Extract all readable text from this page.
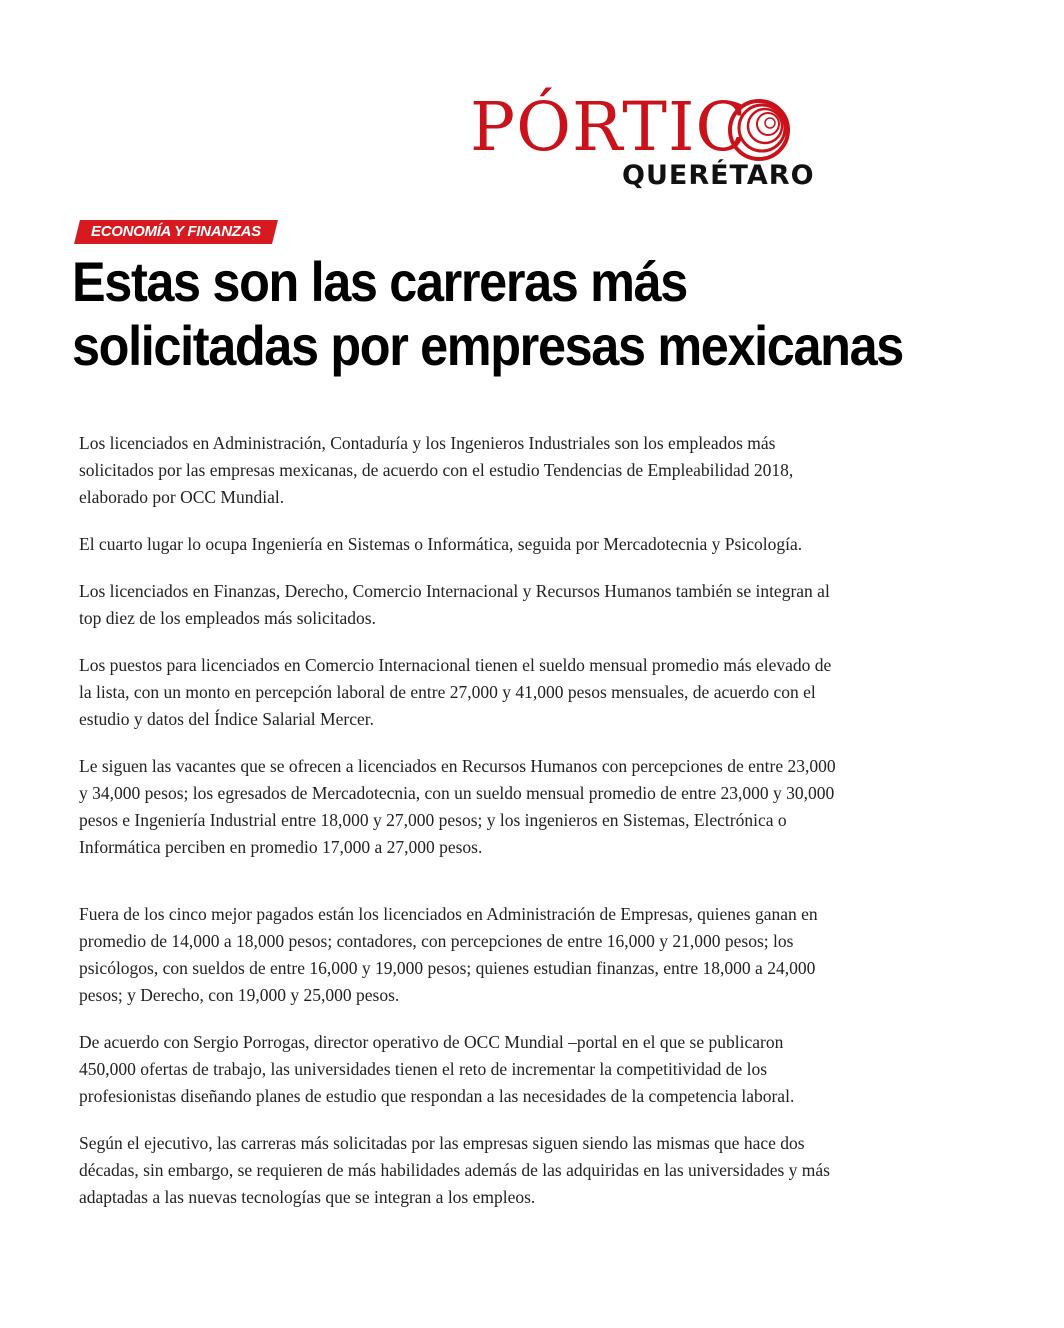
PÓRTIC
QUERÉTARO
ECONOMÍA Y FINANZAS
Estas son las carreras más solicitadas por empresas mexicanas

Los licenciados en Administración, Contaduría y los Ingenieros Industriales son los empleados más solicitados por las empresas mexicanas, de acuerdo con el estudio Tendencias de Empleabilidad 2018, elaborado por OCC Mundial.

El cuarto lugar lo ocupa Ingeniería en Sistemas o Informática, seguida por Mercadotecnia y Psicología.

Los licenciados en Finanzas, Derecho, Comercio Internacional y Recursos Humanos también se integran al top diez de los empleados más solicitados.

Los puestos para licenciados en Comercio Internacional tienen el sueldo mensual promedio más elevado de la lista, con un monto en percepción laboral de entre 27,000 y 41,000 pesos mensuales, de acuerdo con el estudio y datos del Índice Salarial Mercer.

Le siguen las vacantes que se ofrecen a licenciados en Recursos Humanos con percepciones de entre 23,000 y 34,000 pesos; los egresados de Mercadotecnia, con un sueldo mensual promedio de entre 23,000 y 30,000 pesos e Ingeniería Industrial entre 18,000 y 27,000 pesos; y los ingenieros en Sistemas, Electrónica o Informática perciben en promedio 17,000 a 27,000 pesos.

Fuera de los cinco mejor pagados están los licenciados en Administración de Empresas, quienes ganan en promedio de 14,000 a 18,000 pesos; contadores, con percepciones de entre 16,000 y 21,000 pesos; los psicólogos, con sueldos de entre 16,000 y 19,000 pesos; quienes estudian finanzas, entre 18,000 a 24,000 pesos; y Derecho, con 19,000 y 25,000 pesos.

De acuerdo con Sergio Porrogas, director operativo de OCC Mundial –portal en el que se publicaron 450,000 ofertas de trabajo, las universidades tienen el reto de incrementar la competitividad de los profesionistas diseñando planes de estudio que respondan a las necesidades de la competencia laboral.

Según el ejecutivo, las carreras más solicitadas por las empresas siguen siendo las mismas que hace dos décadas, sin embargo, se requieren de más habilidades además de las adquiridas en las universidades y más adaptadas a las nuevas tecnologías que se integran a los empleos.
